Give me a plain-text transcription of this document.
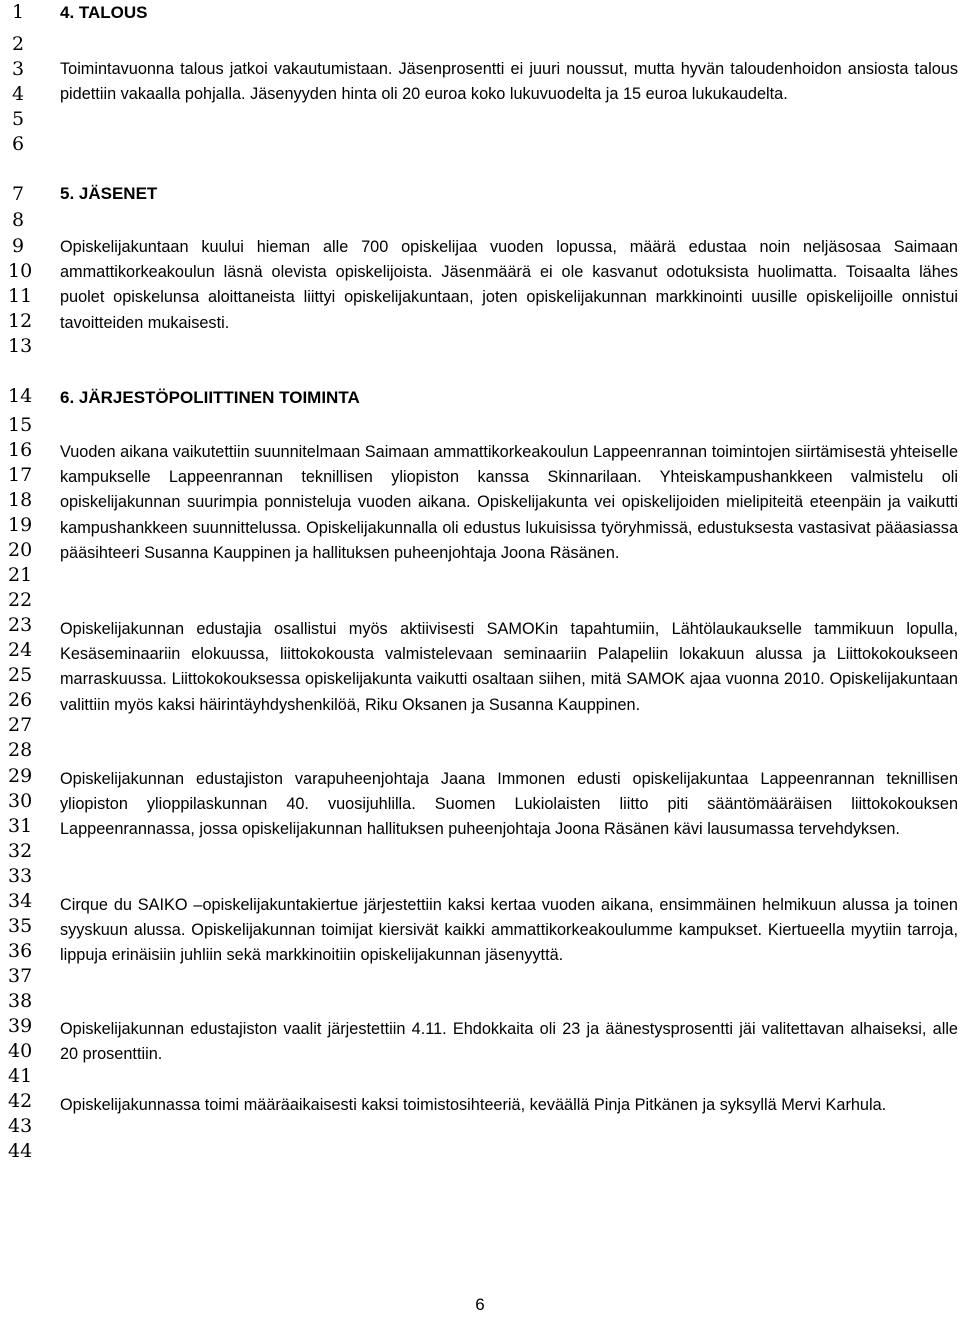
1
2
3
4
5
6
7
8
9
10
11
12
13
14
15
16
17
18
19
20
21
22
23
24
25
26
27
28
29
30
31
32
33
34
35
36
37
38
39
40
41
42
43
44
4. TALOUS
Toimintavuonna talous jatkoi vakautumistaan. Jäsenprosentti ei juuri noussut, mutta hyvän taloudenhoidon ansiosta talous pidettiin vakaalla pohjalla. Jäsenyyden hinta oli 20 euroa koko lukuvuodelta ja 15 euroa lukukaudelta.
5. JÄSENET
Opiskelijakuntaan kuului hieman alle 700 opiskelijaa vuoden lopussa, määrä edustaa noin neljäsosaa Saimaan ammattikorkeakoulun läsnä olevista opiskelijoista. Jäsenmäärä ei ole kasvanut odotuksista huolimatta. Toisaalta lähes puolet opiskelunsa aloittaneista liittyi opiskelijakuntaan, joten opiskelijakunnan markkinointi uusille opiskelijoille onnistui tavoitteiden mukaisesti.
6. JÄRJESTÖPOLIITTINEN TOIMINTA
Vuoden aikana vaikutettiin suunnitelmaan Saimaan ammattikorkeakoulun Lappeenrannan toimintojen siirtämisestä yhteiselle kampukselle Lappeenrannan teknillisen yliopiston kanssa Skinnarilaan. Yhteiskampushankkeen valmistelu oli opiskelijakunnan suurimpia ponnisteluja vuoden aikana. Opiskelijakunta vei opiskelijoiden mielipiteitä eteenpäin ja vaikutti kampushankkeen suunnittelussa. Opiskelijakunnalla oli edustus lukuisissa työryhmissä, edustuksesta vastasivat pääasiassa pääsihteeri Susanna Kauppinen ja hallituksen puheenjohtaja Joona Räsänen.
Opiskelijakunnan edustajia osallistui myös aktiivisesti SAMOKin tapahtumiin, Lähtölaukaukselle tammikuun lopulla, Kesäseminaariin elokuussa, liittokokousta valmistelevaan seminaariin Palapeliin lokakuun alussa ja Liittokokoukseen marraskuussa. Liittokokouksessa opiskelijakunta vaikutti osaltaan siihen, mitä SAMOK ajaa vuonna 2010. Opiskelijakuntaan valittiin myös kaksi häirintäyhdyshenkilöä, Riku Oksanen ja Susanna Kauppinen.
Opiskelijakunnan edustajiston varapuheenjohtaja Jaana Immonen edusti opiskelijakuntaa Lappeenrannan teknillisen yliopiston ylioppilaskunnan 40. vuosijuhlilla. Suomen Lukiolaisten liitto piti sääntömääräisen liittokokouksen Lappeenrannassa, jossa opiskelijakunnan hallituksen puheenjohtaja Joona Räsänen kävi lausumassa tervehdyksen.
Cirque du SAIKO –opiskelijakuntakiertue järjestettiin kaksi kertaa vuoden aikana, ensimmäinen helmikuun alussa ja toinen syyskuun alussa. Opiskelijakunnan toimijat kiersivät kaikki ammattikorkeakoulumme kampukset. Kiertueella myytiin tarroja, lippuja erinäisiin juhliin sekä markkinoitiin opiskelijakunnan jäsenyyttä.
Opiskelijakunnan edustajiston vaalit järjestettiin 4.11. Ehdokkaita oli 23 ja äänestysprosentti jäi valitettavan alhaiseksi, alle 20 prosenttiin.
Opiskelijakunnassa toimi määräaikaisesti kaksi toimistosihteeriä, keväällä Pinja Pitkänen ja syksyllä Mervi Karhula.
6
